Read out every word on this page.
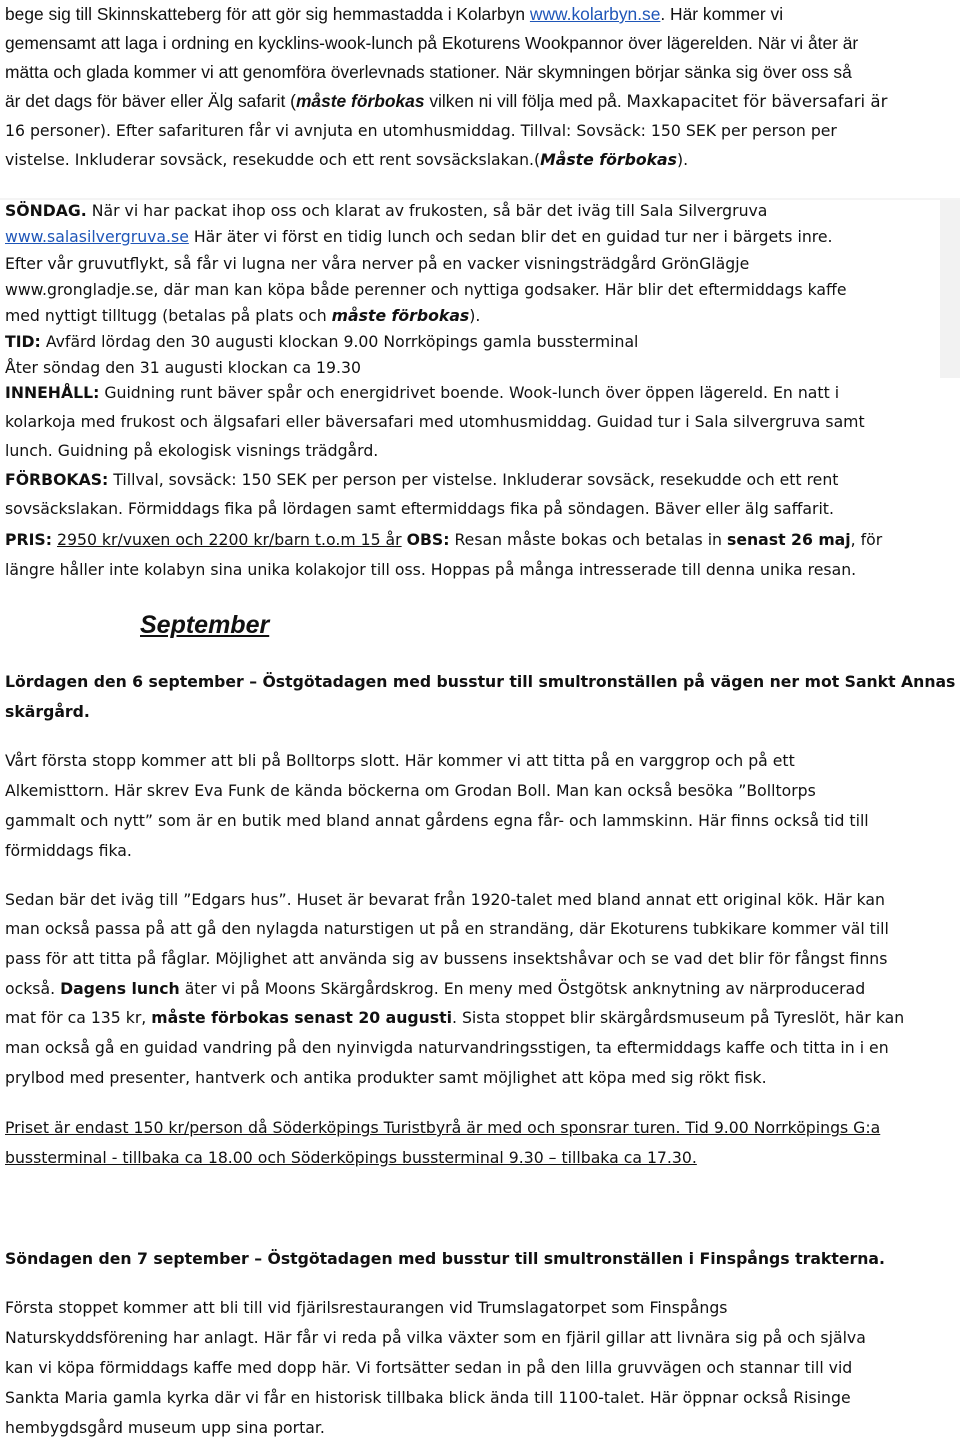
bege sig till Skinnskatteberg för att gör sig hemmastadda i Kolarbyn www.kolarbyn.se. Här kommer vi
gemensamt att laga i ordning en kycklins-wook-lunch på Ekoturens Wookpannor över lägerelden. När vi åter är
mätta och glada kommer vi att genomföra överlevnads stationer. När skymningen börjar sänka sig över oss så
är det dags för bäver eller Älg safarit (måste förbokas vilken ni vill följa med på. Maxkapacitet för bäversafari är
16 personer). Efter safarituren får vi avnjuta en utomhusmiddag. Tillval: Sovsäck: 150 SEK per person per
vistelse. Inkluderar sovsäck, resekudde och ett rent sovsäckslakan.(Måste förbokas).
SÖNDAG. När vi har packat ihop oss och klarat av frukosten, så bär det iväg till Sala Silvergruva
www.salasilvergruva.se Här äter vi först en tidig lunch och sedan blir det en guidad tur ner i bärgets inre.
Efter vår gruvutflykt, så får vi lugna ner våra nerver på en vacker visningsträdgård GrönGlägje
www.grongladje.se, där man kan köpa både perenner och nyttiga godsaker. Här blir det eftermiddags kaffe
med nyttigt tilltugg (betalas på plats och måste förbokas).
TID: Avfärd lördag den 30 augusti klockan 9.00 Norrköpings gamla bussterminal
Åter söndag den 31 augusti klockan ca 19.30
INNEHÅLL: Guidning runt bäver spår och energidrivet boende. Wook-lunch över öppen lägereld. En natt i
kolarkoja med frukost och älgsafari eller bäversafari med utomhusmiddag. Guidad tur i Sala silvergruva samt
lunch. Guidning på ekologisk visnings trädgård.
FÖRBOKAS: Tillval, sovsäck: 150 SEK per person per vistelse. Inkluderar sovsäck, resekudde och ett rent
sovsäckslakan. Förmiddags fika på lördagen samt eftermiddags fika på söndagen. Bäver eller älg saffarit.
PRIS: 2950 kr/vuxen och 2200 kr/barn t.o.m 15 år OBS: Resan måste bokas och betalas in senast 26 maj, för
längre håller inte kolabyn sina unika kolakojor till oss. Hoppas på många intresserade till denna unika resan.
September
Lördagen den 6 september – Östgötadagen med busstur till smultronställen på vägen ner mot Sankt Annas
skärgård.
Vårt första stopp kommer att bli på Bolltorps slott. Här kommer vi att titta på en varggrop och på ett
Alkemisttorn. Här skrev Eva Funk de kända böckerna om Grodan Boll. Man kan också besöka ”Bolltorps
gammalt och nytt” som är en butik med bland annat gårdens egna får- och lammskinn. Här finns också tid till
förmiddags fika.
Sedan bär det iväg till ”Edgars hus”. Huset är bevarat från 1920-talet med bland annat ett original kök. Här kan
man också passa på att gå den nylagda naturstigen ut på en strandäng, där Ekoturens tubkikare kommer väl till
pass för att titta på fåglar. Möjlighet att använda sig av bussens insektshåvar och se vad det blir för fångst finns
också. Dagens lunch äter vi på Moons Skärgårdskrog. En meny med Östgötsk anknytning av närproducerad
mat för ca 135 kr, måste förbokas senast 20 augusti. Sista stoppet blir skärgårdsmuseum på Tyreslöt, här kan
man också gå en guidad vandring på den nyinvigda naturvandringsstigen, ta eftermiddags kaffe och titta in i en
prylbod med presenter, hantverk och antika produkter samt möjlighet att köpa med sig rökt fisk.
Priset är endast 150 kr/person då Söderköpings Turistbyrå är med och sponsrar turen. Tid 9.00 Norrköpings G:a
bussterminal - tillbaka ca 18.00 och Söderköpings bussterminal 9.30 – tillbaka ca 17.30.
Söndagen den 7 september – Östgötadagen med busstur till smultronställen i Finspångs trakterna.
Första stoppet kommer att bli till vid fjärilsrestaurangen vid Trumslagatorpet som Finspångs
Naturskyddsförening har anlagt. Här får vi reda på vilka växter som en fjäril gillar att livnära sig på och själva
kan vi köpa förmiddags kaffe med dopp här. Vi fortsätter sedan in på den lilla gruvvägen och stannar till vid
Sankta Maria gamla kyrka där vi får en historisk tillbaka blick ända till 1100-talet. Här öppnar också Risinge
hembygdsgård museum upp sina portar.
